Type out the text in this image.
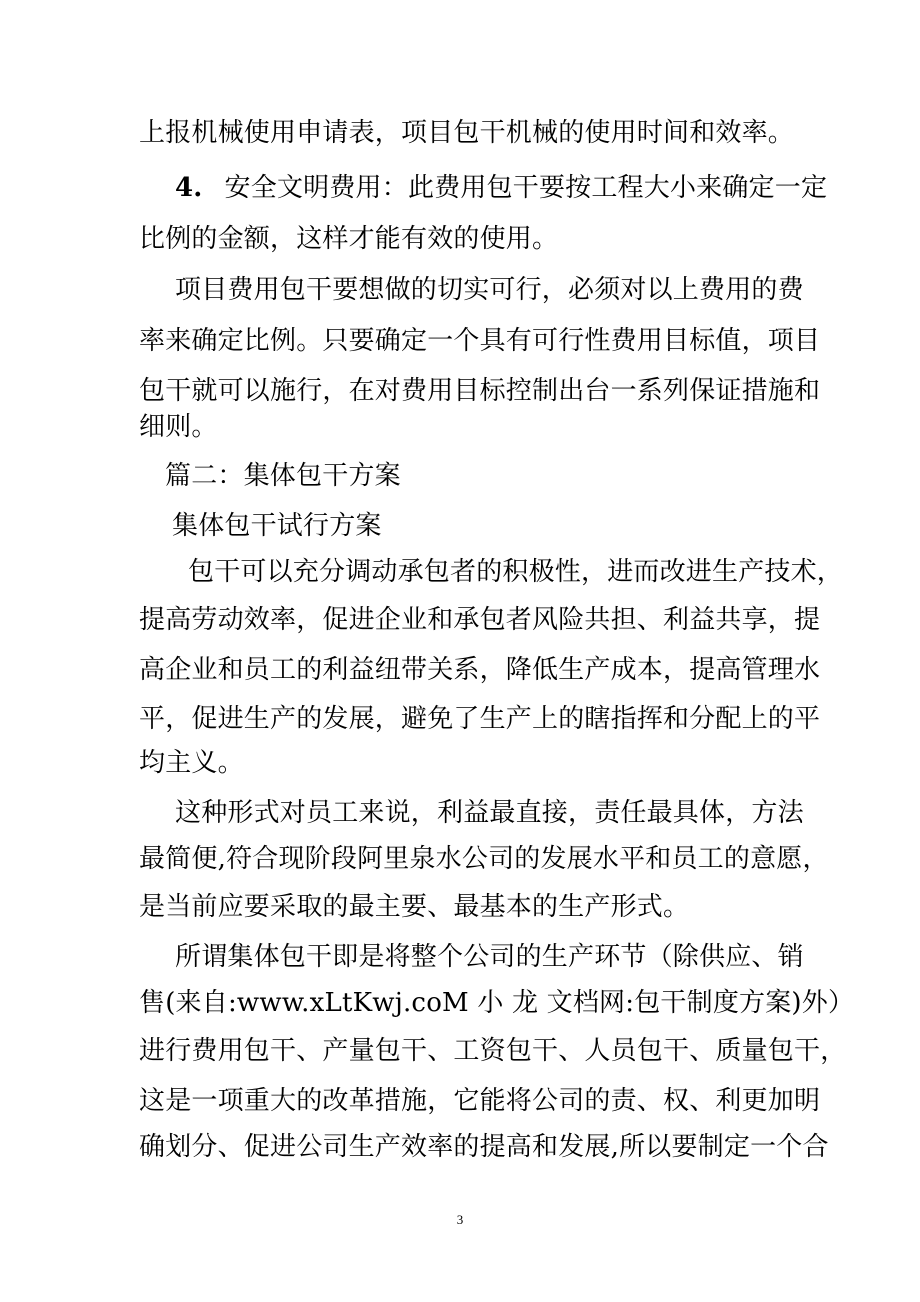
上报机械使用申请表，项目包干机械的使用时间和效率。
4. 安全文明费用：此费用包干要按工程大小来确定一定
比例的金额，这样才能有效的使用。
项目费用包干要想做的切实可行，必须对以上费用的费
率来确定比例。只要确定一个具有可行性费用目标值，项目
包干就可以施行，在对费用目标控制出台一系列保证措施和
细则。
篇二：集体包干方案
集体包干试行方案
包干可以充分调动承包者的积极性，进而改进生产技术，
提高劳动效率，促进企业和承包者风险共担、利益共享，提
高企业和员工的利益纽带关系，降低生产成本，提高管理水
平，促进生产的发展，避免了生产上的瞎指挥和分配上的平
均主义。
这种形式对员工来说，利益最直接，责任最具体，方法
最简便,符合现阶段阿里泉水公司的发展水平和员工的意愿，
是当前应要采取的最主要、最基本的生产形式。
所谓集体包干即是将整个公司的生产环节（除供应、销
售(来自:www.xLtKwj.coM 小 龙 文档网:包干制度方案)外）
进行费用包干、产量包干、工资包干、人员包干、质量包干，
这是一项重大的改革措施，它能将公司的责、权、利更加明
确划分、促进公司生产效率的提高和发展,所以要制定一个合
3
